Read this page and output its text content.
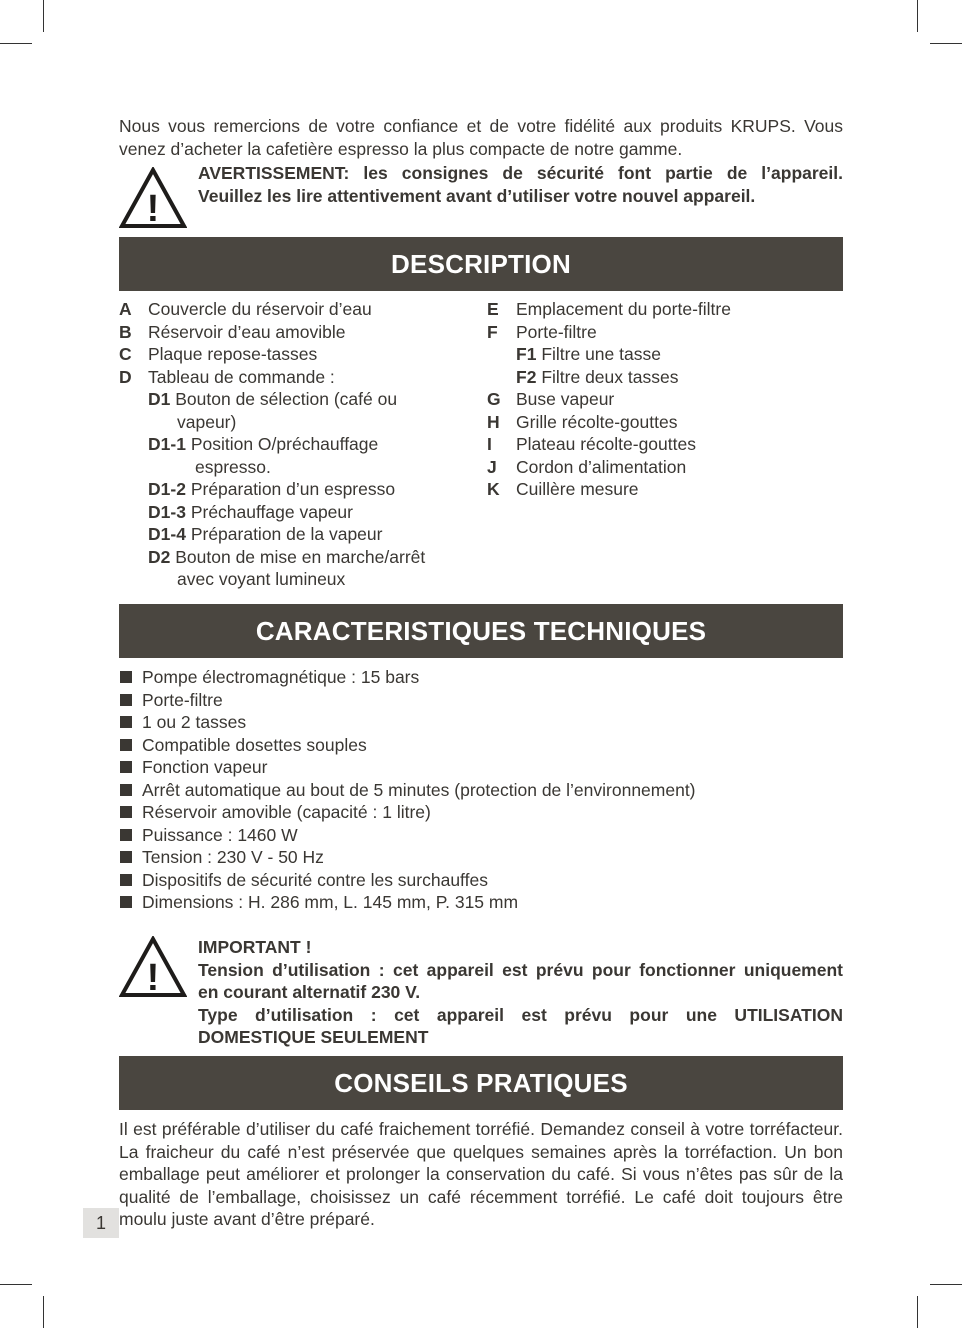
Nous vous remercions de votre confiance et de votre fidélité aux produits KRUPS. Vous venez d’acheter la cafetière espresso la plus compacte de notre gamme.
!
AVERTISSEMENT: les consignes de sécurité font partie de l’appareil.
Veuillez les lire attentivement avant d’utiliser votre nouvel appareil.
DESCRIPTION
A Couvercle du réservoir d’eau
B Réservoir d’eau amovible
C Plaque repose-tasses
D Tableau de commande :
D1 Bouton de sélection (café ou
vapeur)
D1-1 Position O/préchauffage
espresso.
D1-2 Préparation d’un espresso
D1-3 Préchauffage vapeur
D1-4 Préparation de la vapeur
D2 Bouton de mise en marche/arrêt
avec voyant lumineux
E Emplacement du porte-filtre
F Porte-filtre
F1 Filtre une tasse
F2 Filtre deux tasses
G Buse vapeur
H Grille récolte-gouttes
I Plateau récolte-gouttes
J Cordon d’alimentation
K Cuillère mesure
CARACTERISTIQUES TECHNIQUES
Pompe électromagnétique : 15 bars
Porte-filtre
1 ou 2 tasses
Compatible dosettes souples
Fonction vapeur
Arrêt automatique au bout de 5 minutes (protection de l’environnement)
Réservoir amovible (capacité : 1 litre)
Puissance : 1460 W
Tension : 230 V - 50 Hz
Dispositifs de sécurité contre les surchauffes
Dimensions : H. 286 mm, L. 145 mm, P. 315 mm
!
IMPORTANT !
Tension d’utilisation : cet appareil est prévu pour fonctionner uniquement
en courant alternatif 230 V.
Type d’utilisation : cet appareil est prévu pour une UTILISATION
DOMESTIQUE SEULEMENT
CONSEILS PRATIQUES
Il est préférable d’utiliser du café fraichement torréfié. Demandez conseil à votre torréfacteur. La fraicheur du café n’est préservée que quelques semaines après la torréfaction. Un bon emballage peut améliorer et prolonger la conservation du café. Si vous n’êtes pas sûr de la qualité de l’emballage, choisissez un café récemment torréfié. Le café doit toujours être moulu juste avant d’être préparé.
1
